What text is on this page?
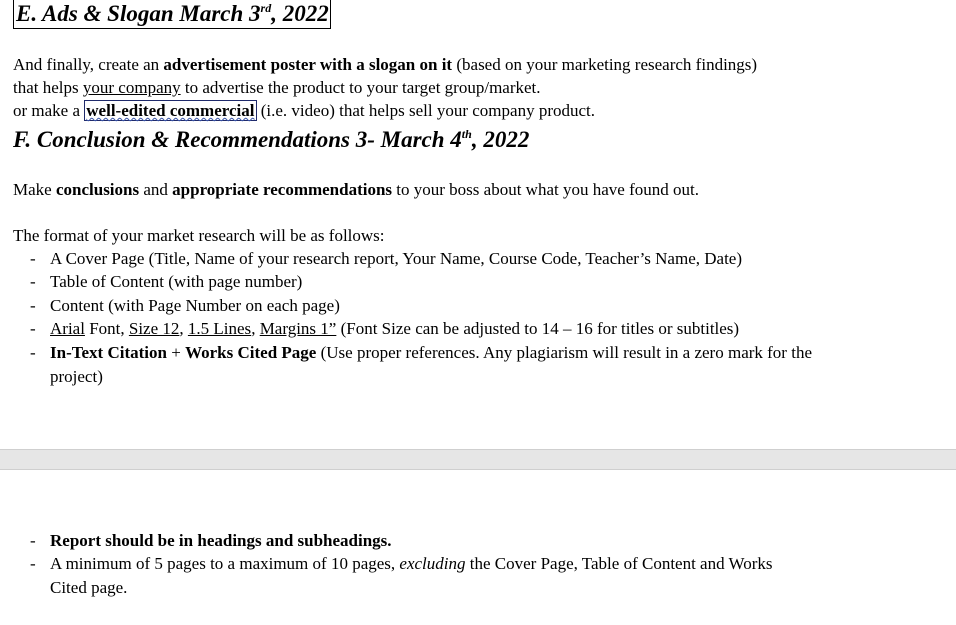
E. Ads & Slogan March 3rd, 2022
And finally, create an advertisement poster with a slogan on it (based on your marketing research findings)
that helps your company to advertise the product to your target group/market.
or make a well-edited commercial (i.e. video) that helps sell your company product.
F. Conclusion & Recommendations 3- March 4th, 2022
Make conclusions and appropriate recommendations to your boss about what you have found out.
The format of your market research will be as follows:
- A Cover Page (Title, Name of your research report, Your Name, Course Code, Teacher’s Name, Date)
- Table of Content (with page number)
- Content (with Page Number on each page)
- Arial Font, Size 12, 1.5 Lines, Margins 1” (Font Size can be adjusted to 14 – 16 for titles or subtitles)
- In-Text Citation + Works Cited Page (Use proper references. Any plagiarism will result in a zero mark for the
project)
- Report should be in headings and subheadings.
- A minimum of 5 pages to a maximum of 10 pages, excluding the Cover Page, Table of Content and Works
Cited page.
